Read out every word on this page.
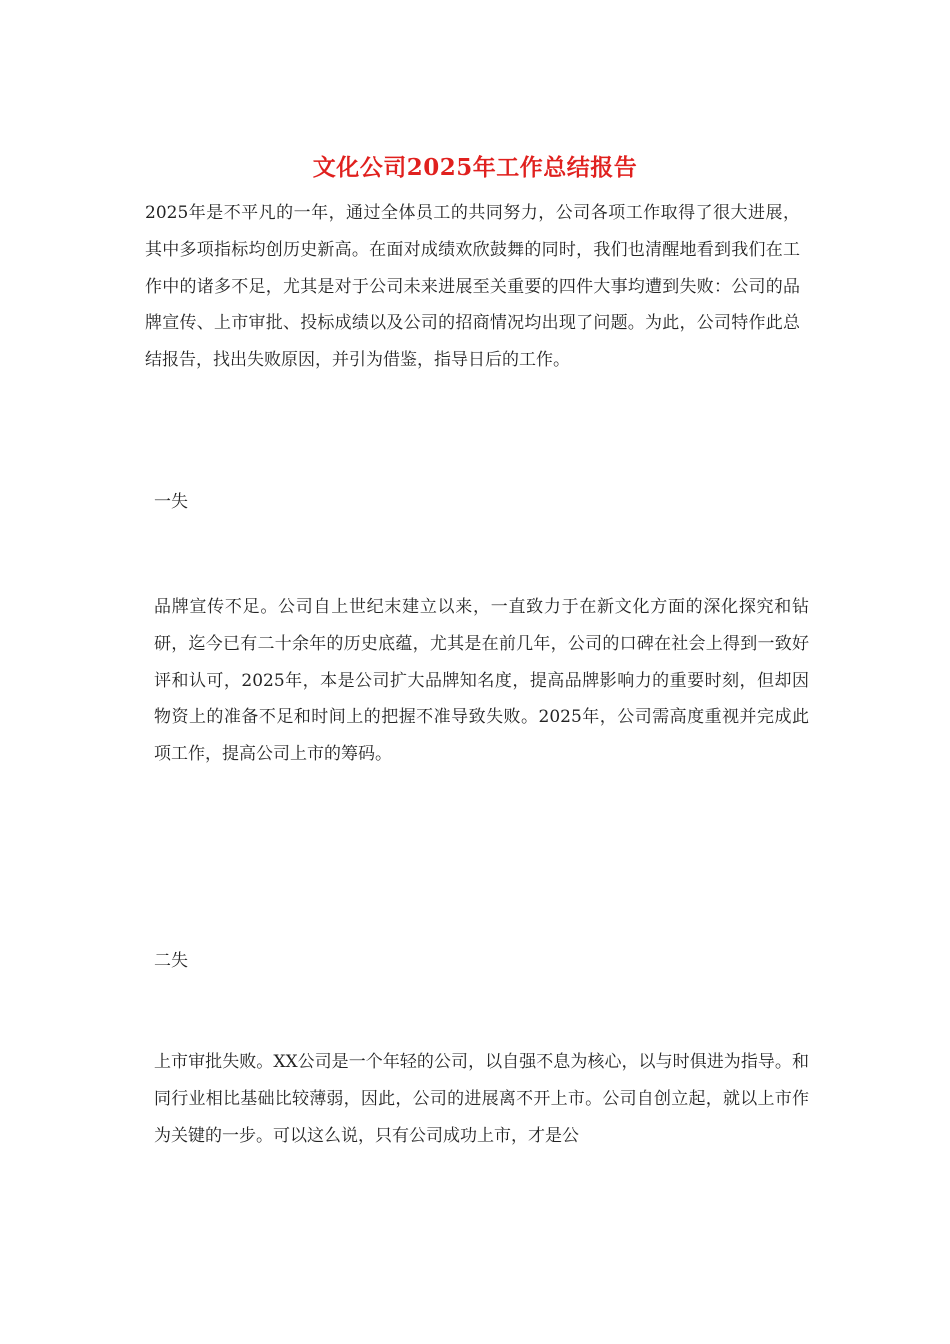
文化公司2025年工作总结报告
2025年是不平凡的一年，通过全体员工的共同努力，公司各项工作取得了很大进展，其中多项指标均创历史新高。在面对成绩欢欣鼓舞的同时，我们也清醒地看到我们在工作中的诸多不足，尤其是对于公司未来进展至关重要的四件大事均遭到失败：公司的品牌宣传、上市审批、投标成绩以及公司的招商情况均出现了问题。为此，公司特作此总结报告，找出失败原因，并引为借鉴，指导日后的工作。
一失
品牌宣传不足。公司自上世纪末建立以来，一直致力于在新文化方面的深化探究和钻研，迄今已有二十余年的历史底蕴，尤其是在前几年，公司的口碑在社会上得到一致好评和认可，2025年，本是公司扩大品牌知名度，提高品牌影响力的重要时刻，但却因物资上的准备不足和时间上的把握不准导致失败。2025年，公司需高度重视并完成此项工作，提高公司上市的筹码。
二失
上市审批失败。XX公司是一个年轻的公司，以自强不息为核心，以与时俱进为指导。和同行业相比基础比较薄弱，因此，公司的进展离不开上市。公司自创立起，就以上市作为关键的一步。可以这么说，只有公司成功上市，才是公
